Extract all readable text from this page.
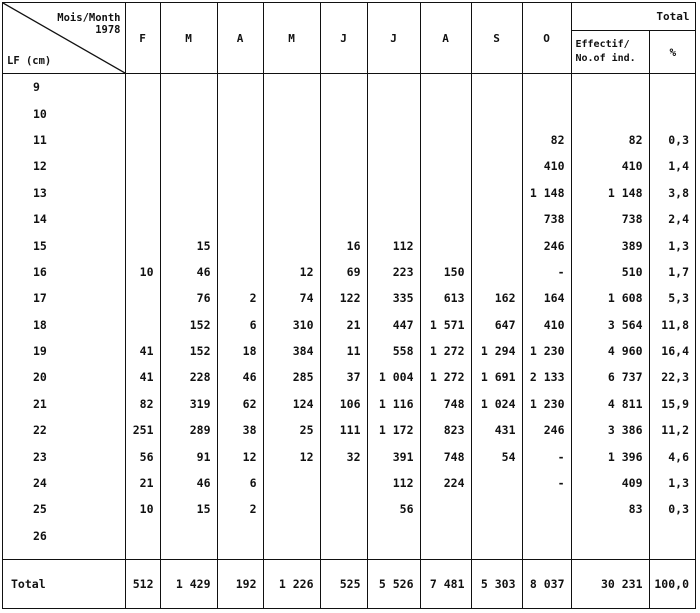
Mois/Month
1978
LF (cm)
	F	M	A	M	J	J	A	S	O	
Total

Effectif/
No.of ind.	%

9											
10											
11									82	82	0,3
12									410	410	1,4
13									1 148	1 148	3,8
14									738	738	2,4
15		15			16	112			246	389	1,3
16	10	46		12	69	223	150		-	510	1,7
17		76	2	74	122	335	613	162	164	1 608	5,3
18		152	6	310	21	447	1 571	647	410	3 564	11,8
19	41	152	18	384	11	558	1 272	1 294	1 230	4 960	16,4
20	41	228	46	285	37	1 004	1 272	1 691	2 133	6 737	22,3
21	82	319	62	124	106	1 116	748	1 024	1 230	4 811	15,9
22	251	289	38	25	111	1 172	823	431	246	3 386	11,2
23	56	91	12	12	32	391	748	54	-	1 396	4,6
24	21	46	6			112	224		-	409	1,3
25	10	15	2			56				83	0,3
26											

Total	512	1 429	192	1 226	525	5 526	7 481	5 303	8 037	30 231	100,0
